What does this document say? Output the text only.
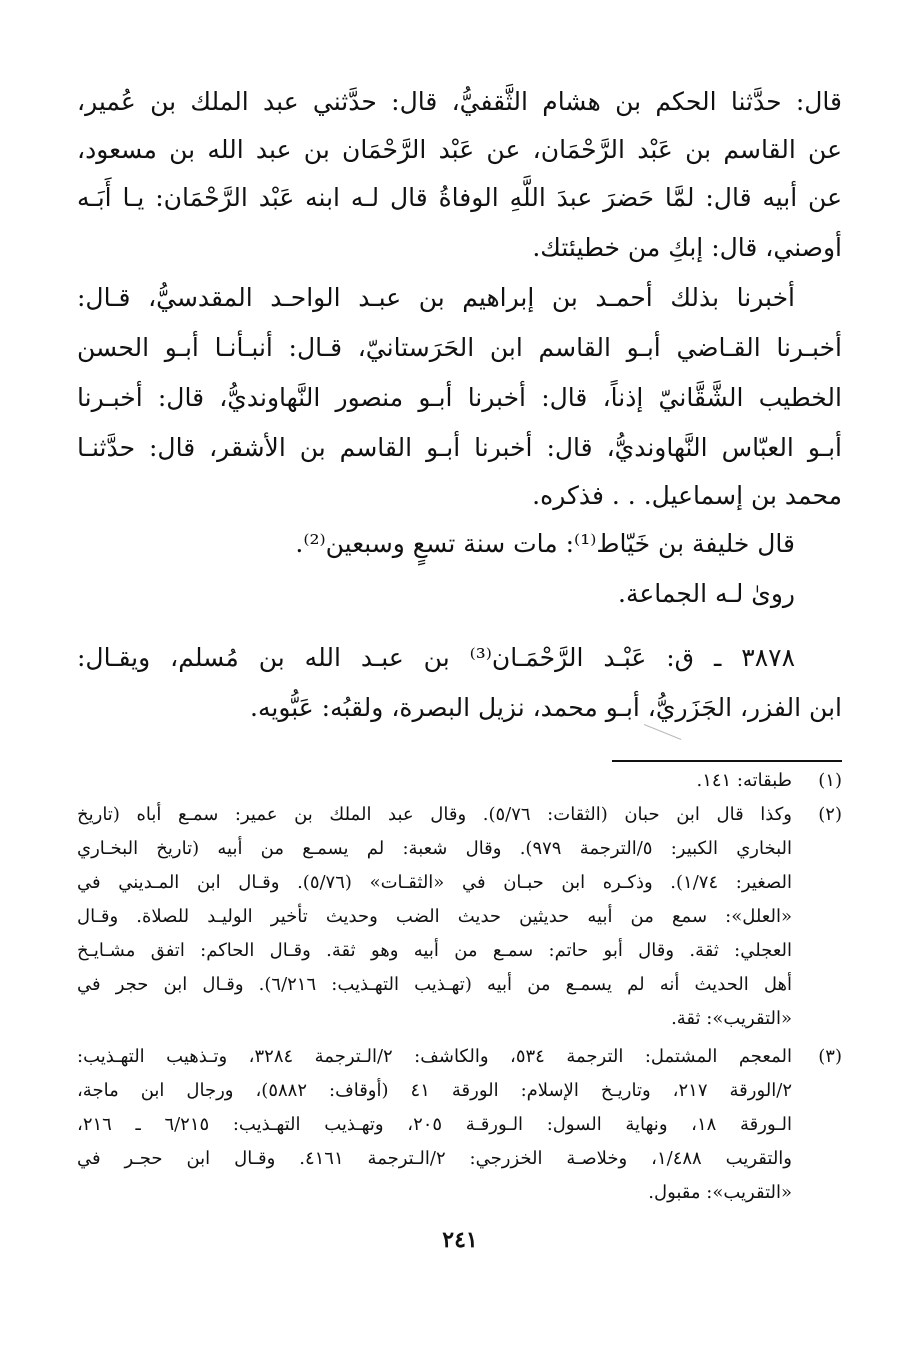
قال: حدَّثنا الحكم بن هشام الثَّقفيُّ، قال: حدَّثني عبد الملك بن عُمير،
عن القاسم بن عَبْد الرَّحْمَان، عن عَبْد الرَّحْمَان بن عبد الله بن مسعود،
عن أبيه قال: لمَّا حَضرَ عبدَ اللَّهِ الوفاةُ قال لـه ابنه عَبْد الرَّحْمَان: يـا أَبَـه
أوصني، قال: إبكِ من خطيئتك.
أخبرنا بذلك أحمـد بن إبراهيم بن عبـد الواحـد المقدسيُّ، قـال:
أخبـرنا القـاضي أبـو القاسم ابن الحَرَستانيّ، قـال: أنبـأنـا أبـو الحسن
الخطيب الشَّقَّانيّ إذناً، قال: أخبرنا أبـو منصور النَّهاونديُّ، قال: أخبـرنا
أبـو العبّاس النَّهاونديُّ، قال: أخبرنا أبـو القاسم بن الأشقر، قال: حدَّثنـا
محمد بن إسماعيل. . . فذكره.
قال خليفة بن خَيّاط⁽¹⁾: مات سنة تسعٍ وسبعين⁽²⁾.
روىٰ لـه الجماعة.
٣٨٧٨ ـ ق: عَبْـد الرَّحْمَـان⁽³⁾ بن عبـد الله بن مُسلم، ويقـال:
ابن الفزر، الجَزَريُّ، أبـو محمد، نزيل البصرة، ولقبُه: عَبُّويه.
(١)
طبقاته: ١٤١.
(٢)
وكذا قال ابن حبان (الثقات: ٥/٧٦). وقال عبد الملك بن عمير: سمـع أباه (تاريخ
البخاري الكبير: ٥/الترجمة ٩٧٩). وقال شعبة: لم يسمـع من أبيه (تاريخ البخـاري
الصغير: ١/٧٤). وذكـره ابن حبـان في «الثقـات» (٥/٧٦). وقـال ابن المـديني في
«العلل»: سمع من أبيه حديثين حديث الضب وحديث تأخير الوليـد للصلاة. وقـال
العجلي: ثقة. وقال أبو حاتم: سمـع من أبيه وهو ثقة. وقـال الحاكم: اتفق مشـايـخ
أهل الحديث أنه لم يسمـع من أبيه (تهـذيب التهـذيب: ٦/٢١٦). وقـال ابن حجر في
«التقريب»: ثقة.
(٣)
المعجم المشتمل: الترجمة ٥٣٤، والكاشف: ٢/الـترجمة ٣٢٨٤، وتـذهيب التهـذيب:
٢/الورقة ٢١٧، وتاريـخ الإسلام: الورقة ٤١ (أوقاف: ٥٨٨٢)، ورجال ابن ماجة،
الـورقة ١٨، ونهاية السول: الـورقـة ٢٠٥، وتهـذيب التهـذيب: ٦/٢١٥ ـ ٢١٦،
والتقريب ١/٤٨٨، وخلاصـة الخزرجي: ٢/الـترجمة ٤١٦١. وقـال ابن حجـر في
«التقريب»: مقبول.
٢٤١
